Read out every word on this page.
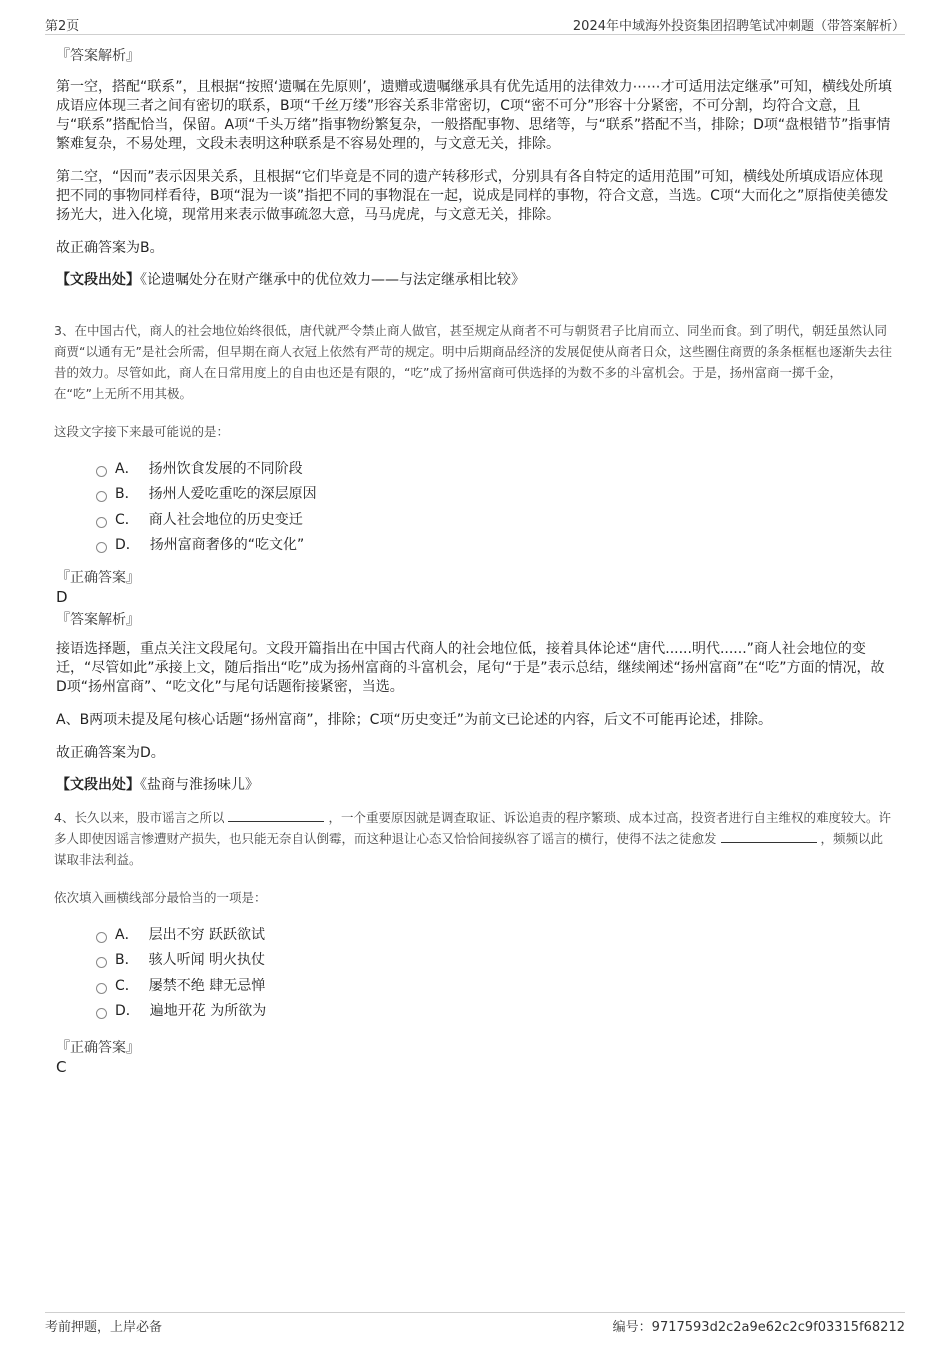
第2页	2024年中域海外投资集团招聘笔试冲刺题（带答案解析）
『答案解析』

第一空，搭配“联系”，且根据“按照‘遗嘱在先原则’，遗赠或遗嘱继承具有优先适用的法律效力⋯⋯才可适用法定继承”可知，横线处所填成语应体现三者之间有密切的联系，B项“千丝万缕”形容关系非常密切，C项“密不可分”形容十分紧密，不可分割，均符合文意，且与“联系”搭配恰当，保留。A项“千头万绪”指事物纷繁复杂，一般搭配事物、思绪等，与“联系”搭配不当，排除；D项“盘根错节”指事情繁难复杂，不易处理，文段未表明这种联系是不容易处理的，与文意无关，排除。

第二空，“因而”表示因果关系，且根据“它们毕竟是不同的遗产转移形式，分别具有各自特定的适用范围”可知，横线处所填成语应体现把不同的事物同样看待，B项“混为一谈”指把不同的事物混在一起，说成是同样的事物，符合文意，当选。C项“大而化之”原指使美德发扬光大，进入化境，现常用来表示做事疏忽大意，马马虎虎，与文意无关，排除。

故正确答案为B。

【文段出处】《论遗嘱处分在财产继承中的优位效力——与法定继承相比较》

3、在中国古代，商人的社会地位始终很低，唐代就严令禁止商人做官，甚至规定从商者不可与朝贤君子比肩而立、同坐而食。到了明代，朝廷虽然认同商贾“以通有无”是社会所需，但早期在商人衣冠上依然有严苛的规定。明中后期商品经济的发展促使从商者日众，这些圈住商贾的条条框框也逐渐失去往昔的效力。尽管如此，商人在日常用度上的自由也还是有限的，“吃”成了扬州富商可供选择的为数不多的斗富机会。于是，扬州富商一掷千金，在“吃”上无所不用其极。

这段文字接下来最可能说的是：

A． 扬州饮食发展的不同阶段
B． 扬州人爱吃重吃的深层原因
C． 商人社会地位的历史变迁
D． 扬州富商奢侈的“吃文化”
『正确答案』
D
『答案解析』

接语选择题，重点关注文段尾句。文段开篇指出在中国古代商人的社会地位低，接着具体论述“唐代......明代......”商人社会地位的变迁，“尽管如此”承接上文，随后指出“吃”成为扬州富商的斗富机会，尾句“于是”表示总结，继续阐述“扬州富商”在“吃”方面的情况，故D项“扬州富商”、“吃文化”与尾句话题衔接紧密，当选。

A、B两项未提及尾句核心话题“扬州富商”，排除；C项“历史变迁”为前文已论述的内容，后文不可能再论述，排除。

故正确答案为D。

【文段出处】《盐商与淮扬味儿》

4、长久以来，股市谣言之所以	，一个重要原因就是调查取证、诉讼追责的程序繁琐、成本过高，投资者进行自主维权的难度较大。许多人即使因谣言惨遭财产损失，也只能无奈自认倒霉，而这种退让心态又恰恰间接纵容了谣言的横行，使得不法之徒愈发	，频频以此谋取非法利益。

依次填入画横线部分最恰当的一项是：

A． 层出不穷 跃跃欲试
B． 骇人听闻 明火执仗
C． 屡禁不绝 肆无忌惮
D． 遍地开花 为所欲为
『正确答案』
C
考前押题，上岸必备	编号：9717593d2c2a9e62c2c9f03315f68212
